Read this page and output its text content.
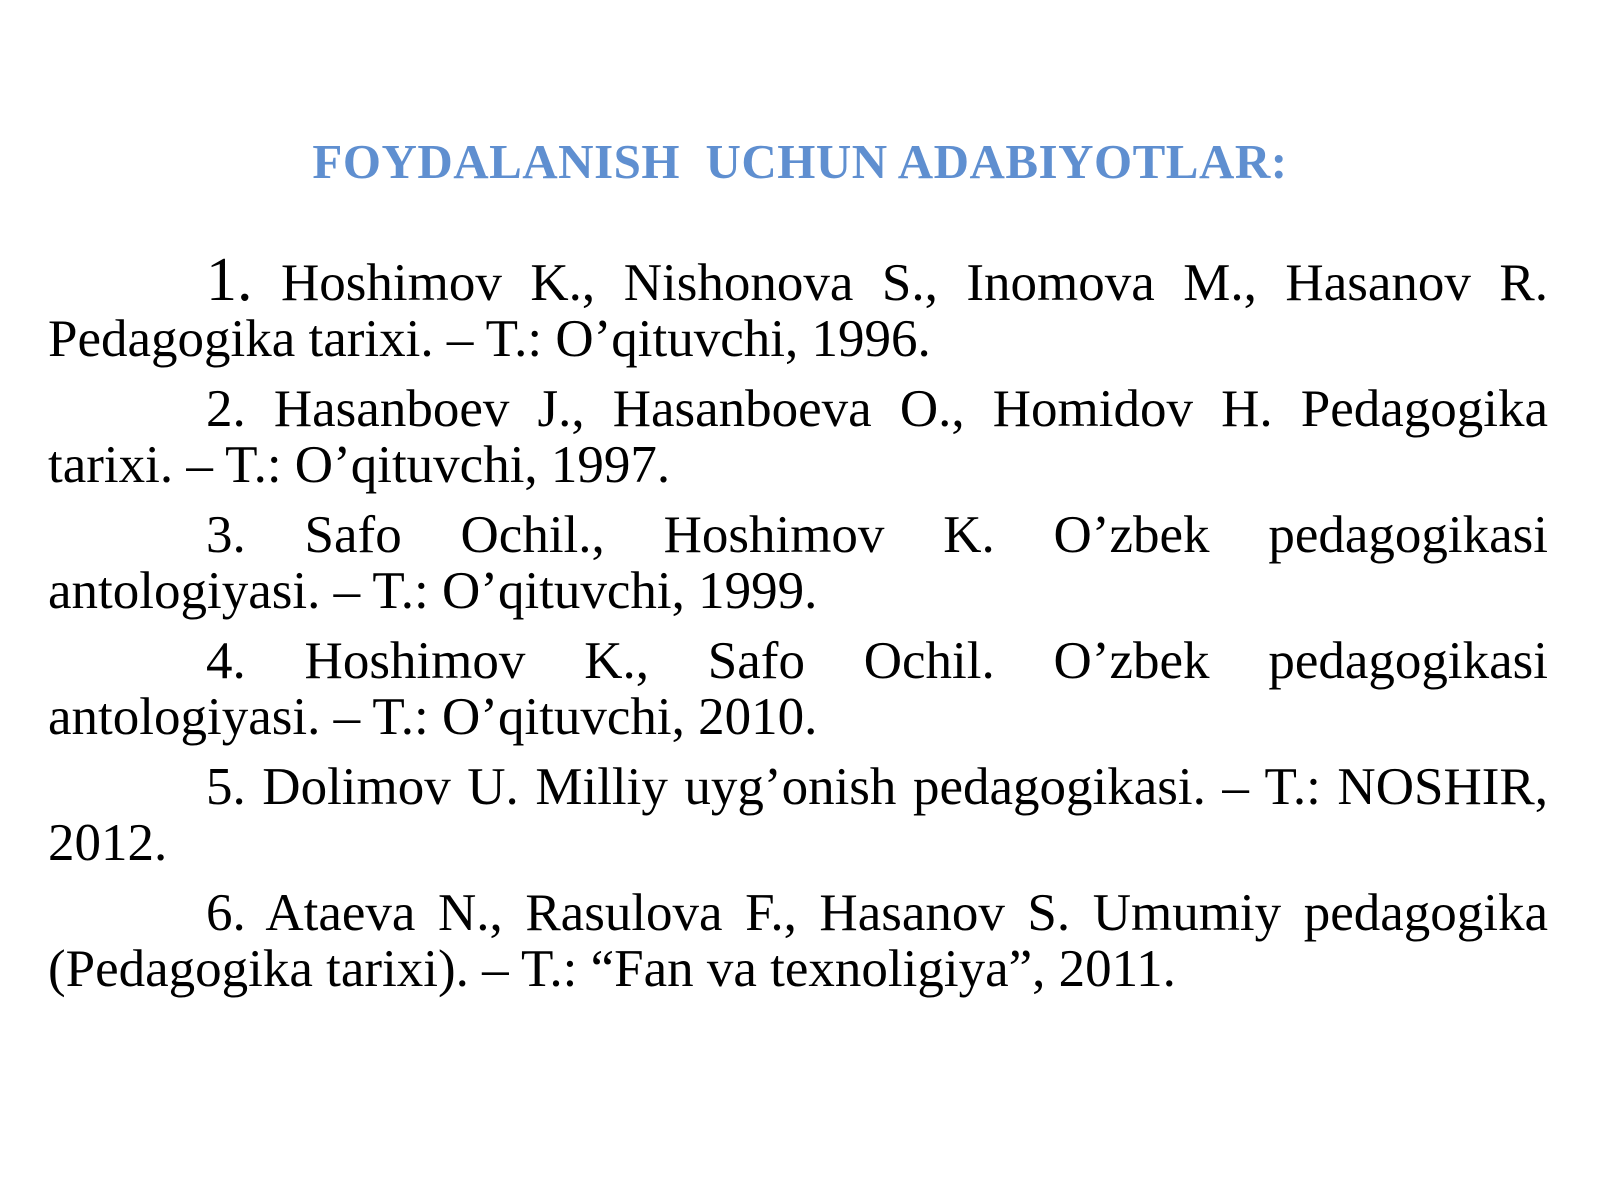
FOYDALANISH  UCHUN ADABIYOTLAR:

1. Hoshimov K., Nishonova S., Inomova M., Hasanov R. Pedagogika tarixi. – T.: O’qituvchi, 1996.

2. Hasanboev J., Hasanboeva O., Homidov H. Pedagogika tarixi. – T.: O’qituvchi, 1997.

3. Safo Ochil., Hoshimov K. O’zbek pedagogikasi antologiyasi. – T.: O’qituvchi, 1999.

4. Hoshimov K., Safo Ochil. O’zbek pedagogikasi antologiyasi. – T.: O’qituvchi, 2010.

5. Dolimov U. Milliy uyg’onish pedagogikasi. – T.: NOSHIR, 2012.

6. Ataeva N., Rasulova F., Hasanov S. Umumiy pedagogika (Pedagogika tarixi). – T.: “Fan va texnoligiya”, 2011.
